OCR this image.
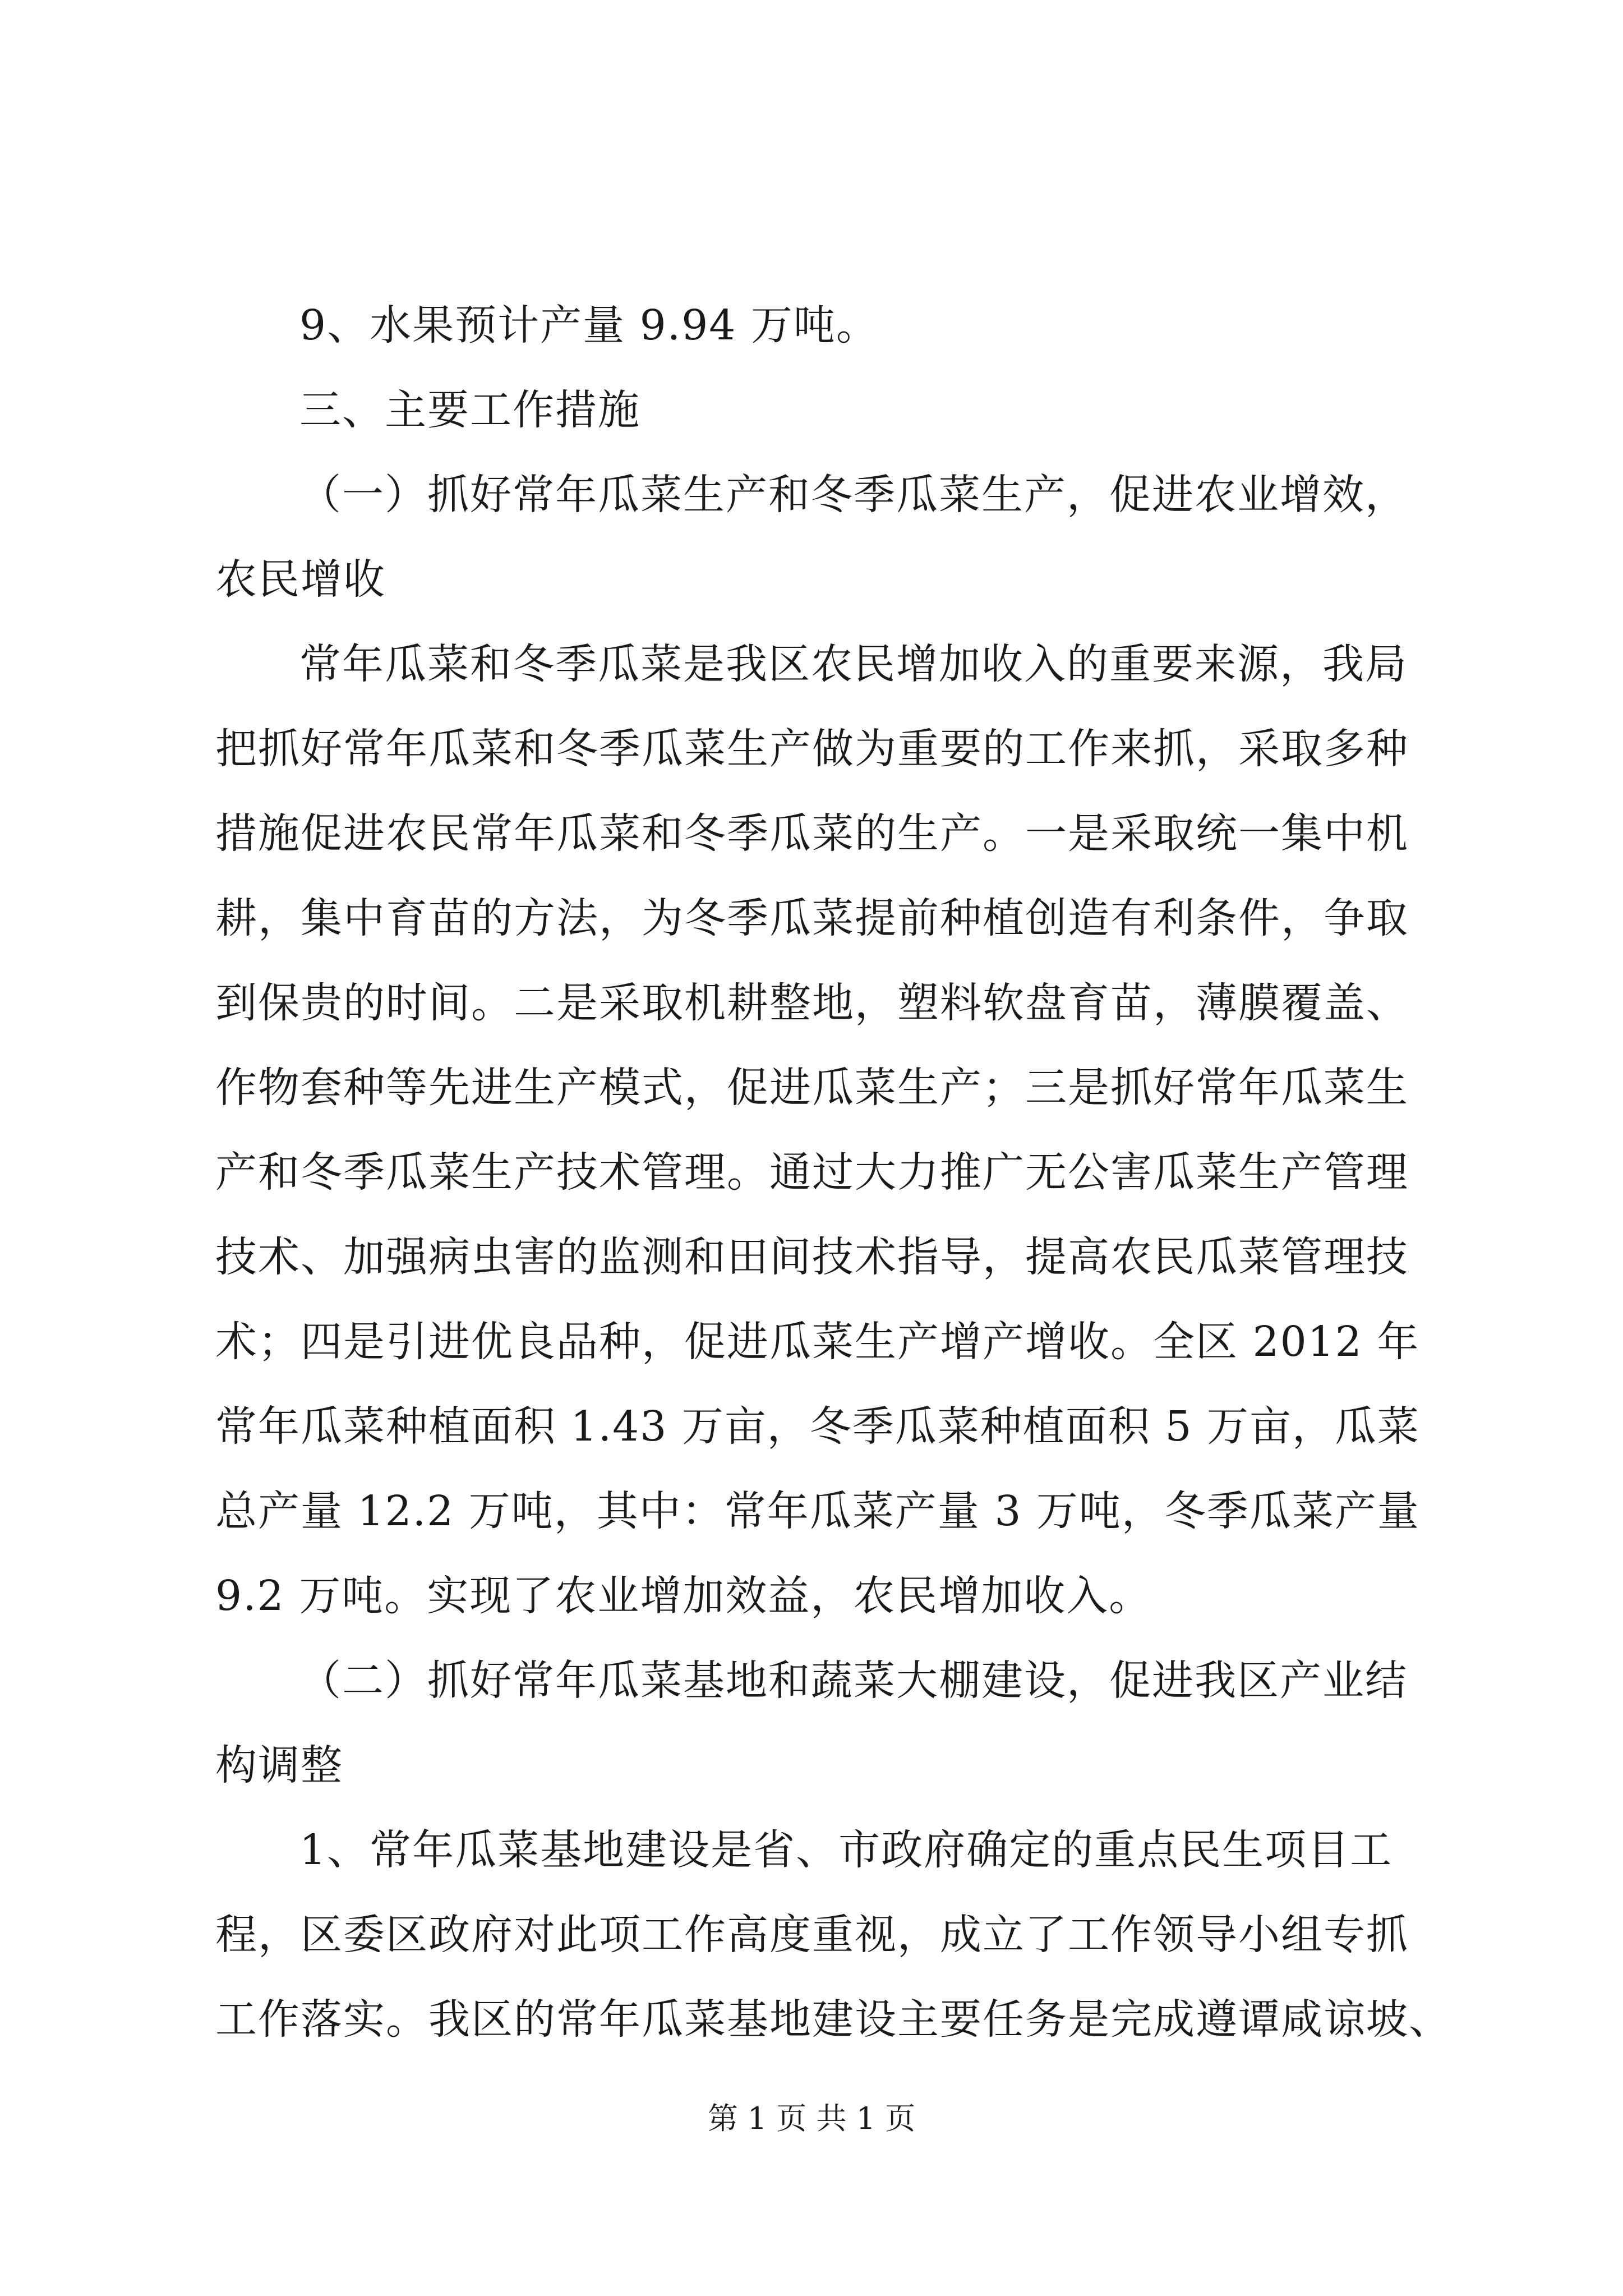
9、水果预计产量 9.94 万吨。
三、主要工作措施
（一）抓好常年瓜菜生产和冬季瓜菜生产，促进农业增效，
农民增收
常年瓜菜和冬季瓜菜是我区农民增加收入的重要来源，我局
把抓好常年瓜菜和冬季瓜菜生产做为重要的工作来抓，采取多种
措施促进农民常年瓜菜和冬季瓜菜的生产。一是采取统一集中机
耕，集中育苗的方法，为冬季瓜菜提前种植创造有利条件，争取
到保贵的时间。二是采取机耕整地，塑料软盘育苗，薄膜覆盖、
作物套种等先进生产模式，促进瓜菜生产；三是抓好常年瓜菜生
产和冬季瓜菜生产技术管理。通过大力推广无公害瓜菜生产管理
技术、加强病虫害的监测和田间技术指导，提高农民瓜菜管理技
术；四是引进优良品种，促进瓜菜生产增产增收。全区 2012 年
常年瓜菜种植面积 1.43 万亩，冬季瓜菜种植面积 5 万亩，瓜菜
总产量 12.2 万吨，其中：常年瓜菜产量 3 万吨，冬季瓜菜产量
9.2 万吨。实现了农业增加效益，农民增加收入。
（二）抓好常年瓜菜基地和蔬菜大棚建设，促进我区产业结
构调整
1、常年瓜菜基地建设是省、市政府确定的重点民生项目工
程，区委区政府对此项工作高度重视，成立了工作领导小组专抓
工作落实。我区的常年瓜菜基地建设主要任务是完成遵谭咸谅坡、
第 1 页 共 1 页
